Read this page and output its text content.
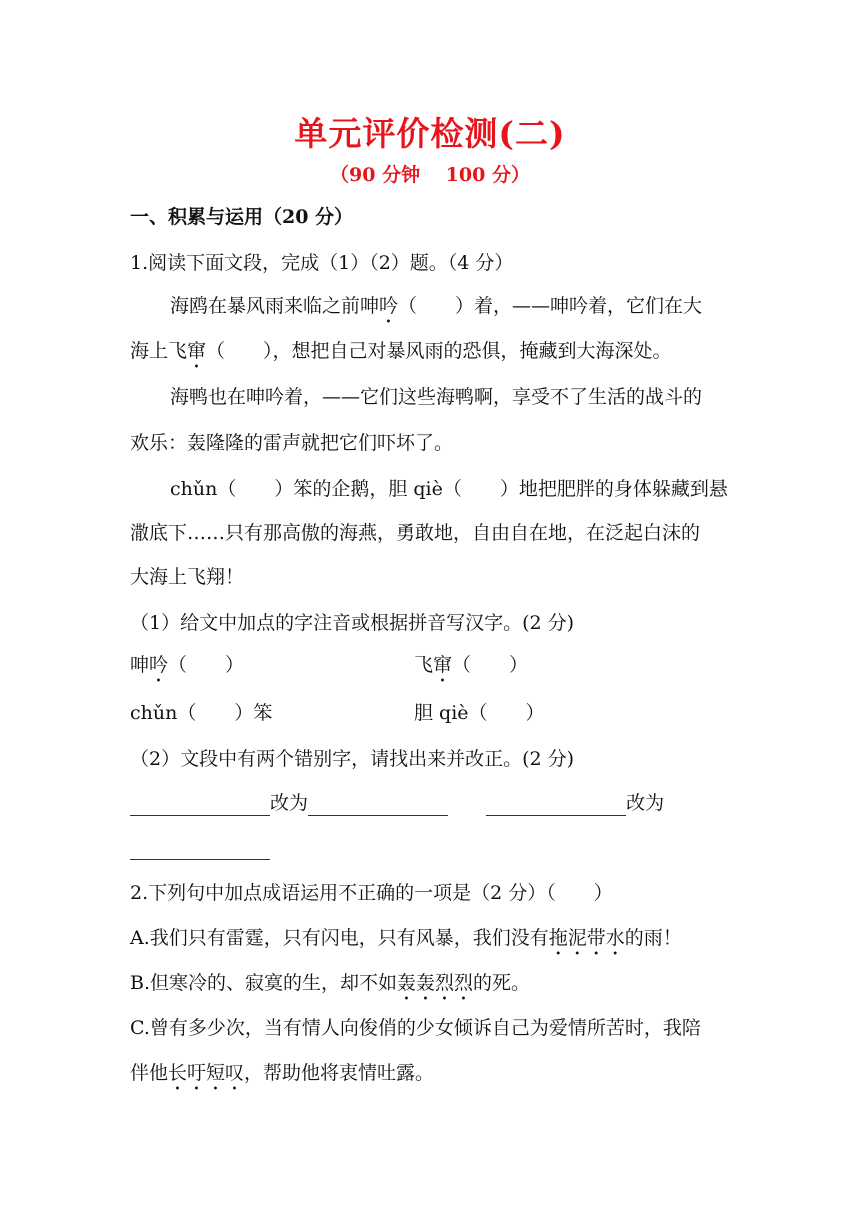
单元评价检测(二)
（90 分钟　 100 分）
一、积累与运用（20 分）
1.阅读下面文段，完成（1）（2）题。（4 分）
海鸥在暴风雨来临之前呻吟（　　）着，——呻吟着，它们在大
海上飞窜（　　），想把自己对暴风雨的恐俱，掩藏到大海深处。
海鸭也在呻吟着，——它们这些海鸭啊，享受不了生活的战斗的
欢乐：轰隆隆的雷声就把它们吓坏了。
chǔn（　　）笨的企鹅，胆 qiè（　　）地把肥胖的身体躲藏到悬
潵底下……只有那高傲的海燕，勇敢地，自由自在地，在泛起白沫的
大海上飞翔！
（1）给文中加点的字注音或根据拼音写汉字。(2 分)
呻吟（　　）	飞窜（　　）
chǔn（　　）笨	胆 qiè（　　）
（2）文段中有两个错别字，请找出来并改正。(2 分)
改为	改为
2.下列句中加点成语运用不正确的一项是（2 分）（　　）
A.我们只有雷霆，只有闪电，只有风暴，我们没有拖泥带水的雨！
B.但寒冷的、寂寞的生，却不如轰轰烈烈的死。
C.曾有多少次，当有情人向俊俏的少女倾诉自己为爱情所苦时，我陪
伴他长吁短叹，帮助他将衷情吐露。
